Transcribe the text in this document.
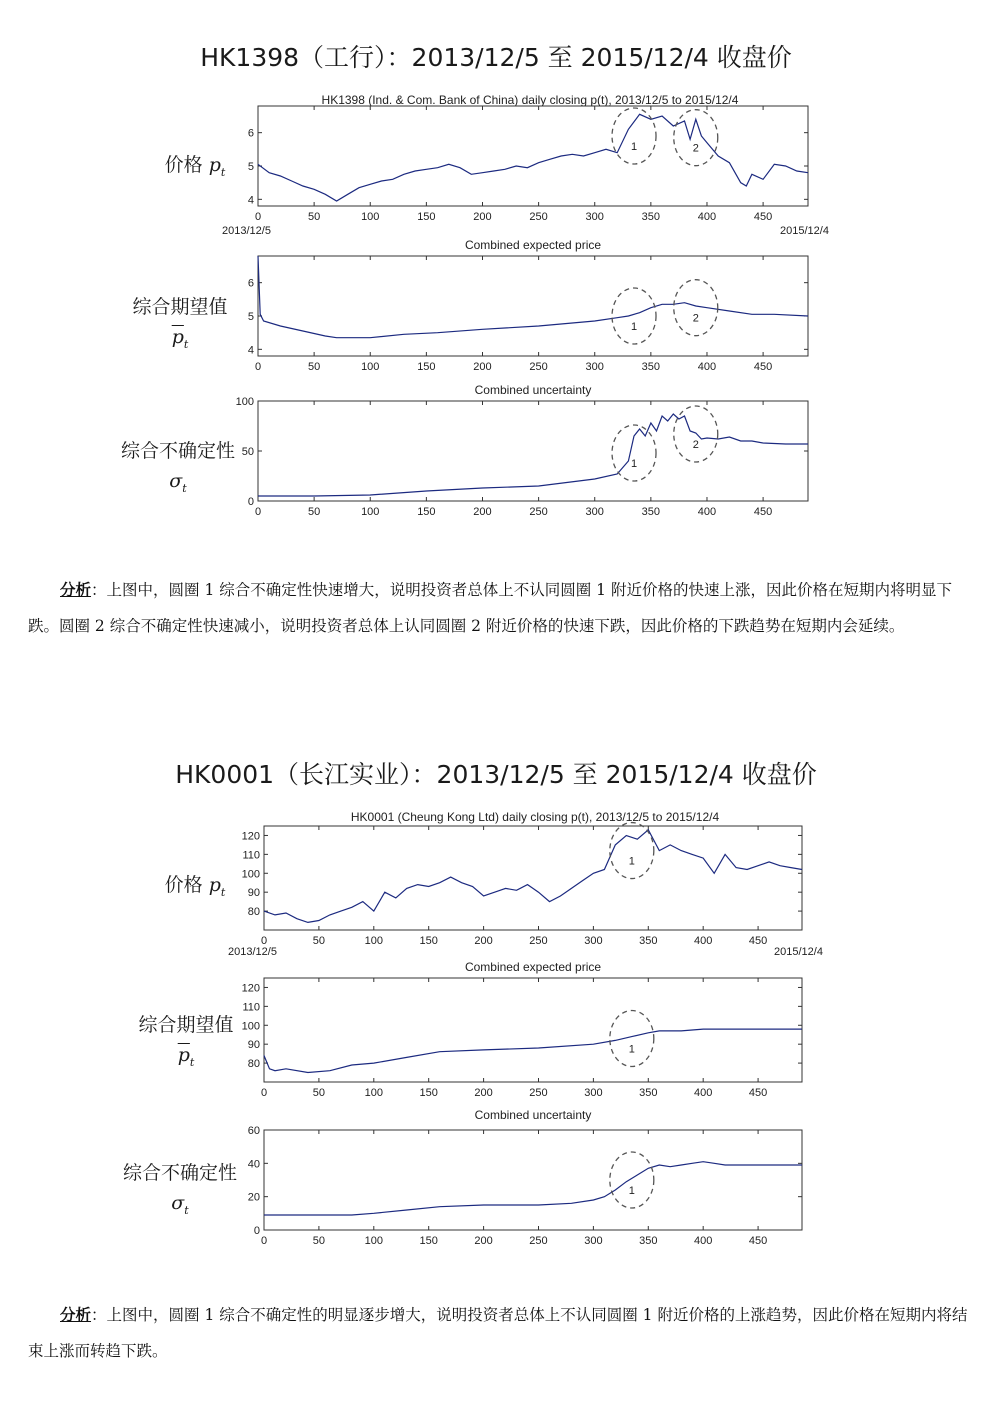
HK1398（工行）：2013/12/5 至 2015/12/4 收盘价
价格 $p_t$
综合期望值
$\overline{p}_t$
综合不确定性
$\sigma_t$
HK1398 (Ind. & Com. Bank of China) daily closing p(t), 2013/12/5 to 2015/12/4
0	50	100	150	200	250	300	350	400	450
4
5
6
1	2
2013/12/5	2015/12/4
Combined expected price
0	50	100	150	200	250	300	350	400	450
4
5
6
1
2
Combined uncertainty
0	50	100	150	200	250	300	350	400	450
0
50
100
1
2
分析：上图中，圆圈 1 综合不确定性快速增大，说明投资者总体上不认同圆圈 1 附近价格的快速上涨，因此价格在短期内将明显下跌。圆圈 2 综合不确定性快速减小，说明投资者总体上认同圆圈 2 附近价格的快速下跌，因此价格的下跌趋势在短期内会延续。
HK0001（长江实业）：2013/12/5 至 2015/12/4 收盘价
价格 $p_t$
综合期望值
$\overline{p}_t$
综合不确定性
$\sigma_t$
HK0001 (Cheung Kong Ltd) daily closing p(t), 2013/12/5 to 2015/12/4
0	50	100	150	200	250	300	350	400	450
80
90
100
110
120
1
2013/12/5	2015/12/4
Combined expected price
0	50	100	150	200	250	300	350	400	450
80
90
100
110
120
1
Combined uncertainty
0	50	100	150	200	250	300	350	400	450
0
20
40
60
1
分析：上图中，圆圈 1 综合不确定性的明显逐步增大，说明投资者总体上不认同圆圈 1 附近价格的上涨趋势，因此价格在短期内将结束上涨而转趋下跌。
